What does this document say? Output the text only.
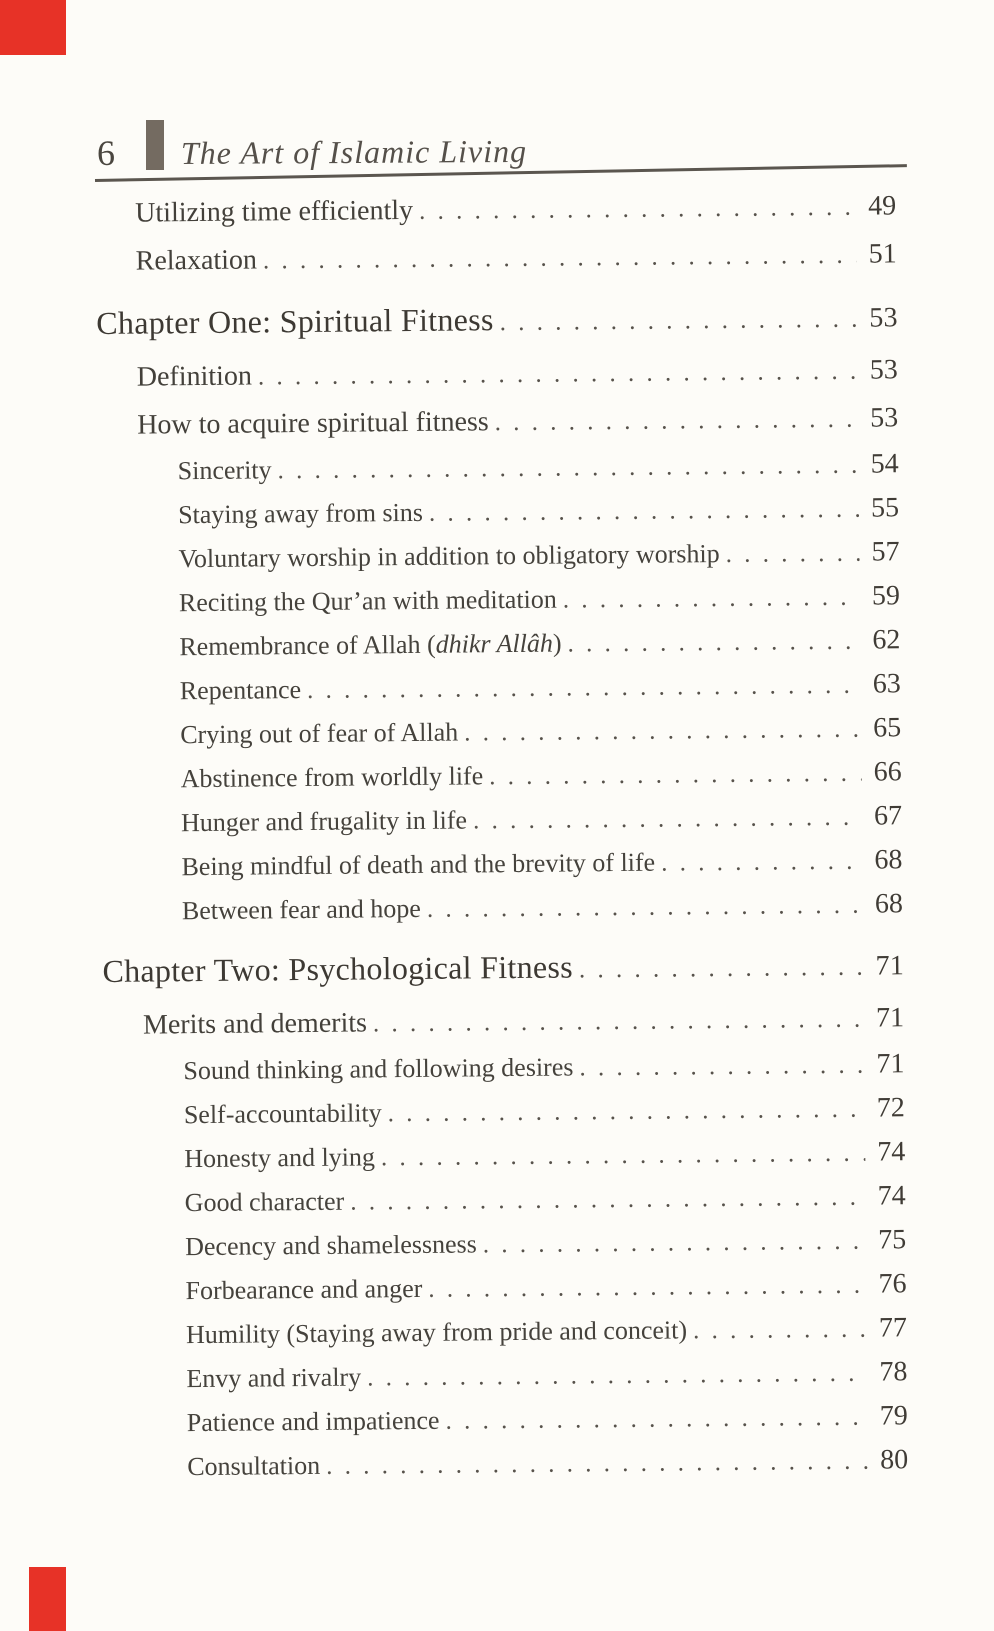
6 The Art of Islamic Living
Utilizing time efficiently . . .	49
Relaxation . . .	51
Chapter One: Spiritual Fitness . . .	53
Definition . . .	53
How to acquire spiritual fitness . . .	53
Sincerity . . .	54
Staying away from sins . . .	55
Voluntary worship in addition to obligatory worship . . .	57
Reciting the Qur’an with meditation . . .	59
Remembrance of Allah (dhikr Allâh) . . .	62
Repentance . . .	63
Crying out of fear of Allah . . .	65
Abstinence from worldly life . . .	66
Hunger and frugality in life . . .	67
Being mindful of death and the brevity of life . . .	68
Between fear and hope . . .	68
Chapter Two: Psychological Fitness . . .	71
Merits and demerits . . .	71
Sound thinking and following desires . . .	71
Self-accountability . . .	72
Honesty and lying . . .	74
Good character . . .	74
Decency and shamelessness . . .	75
Forbearance and anger . . .	76
Humility (Staying away from pride and conceit) . . .	77
Envy and rivalry . . .	78
Patience and impatience . . .	79
Consultation . . .	80
